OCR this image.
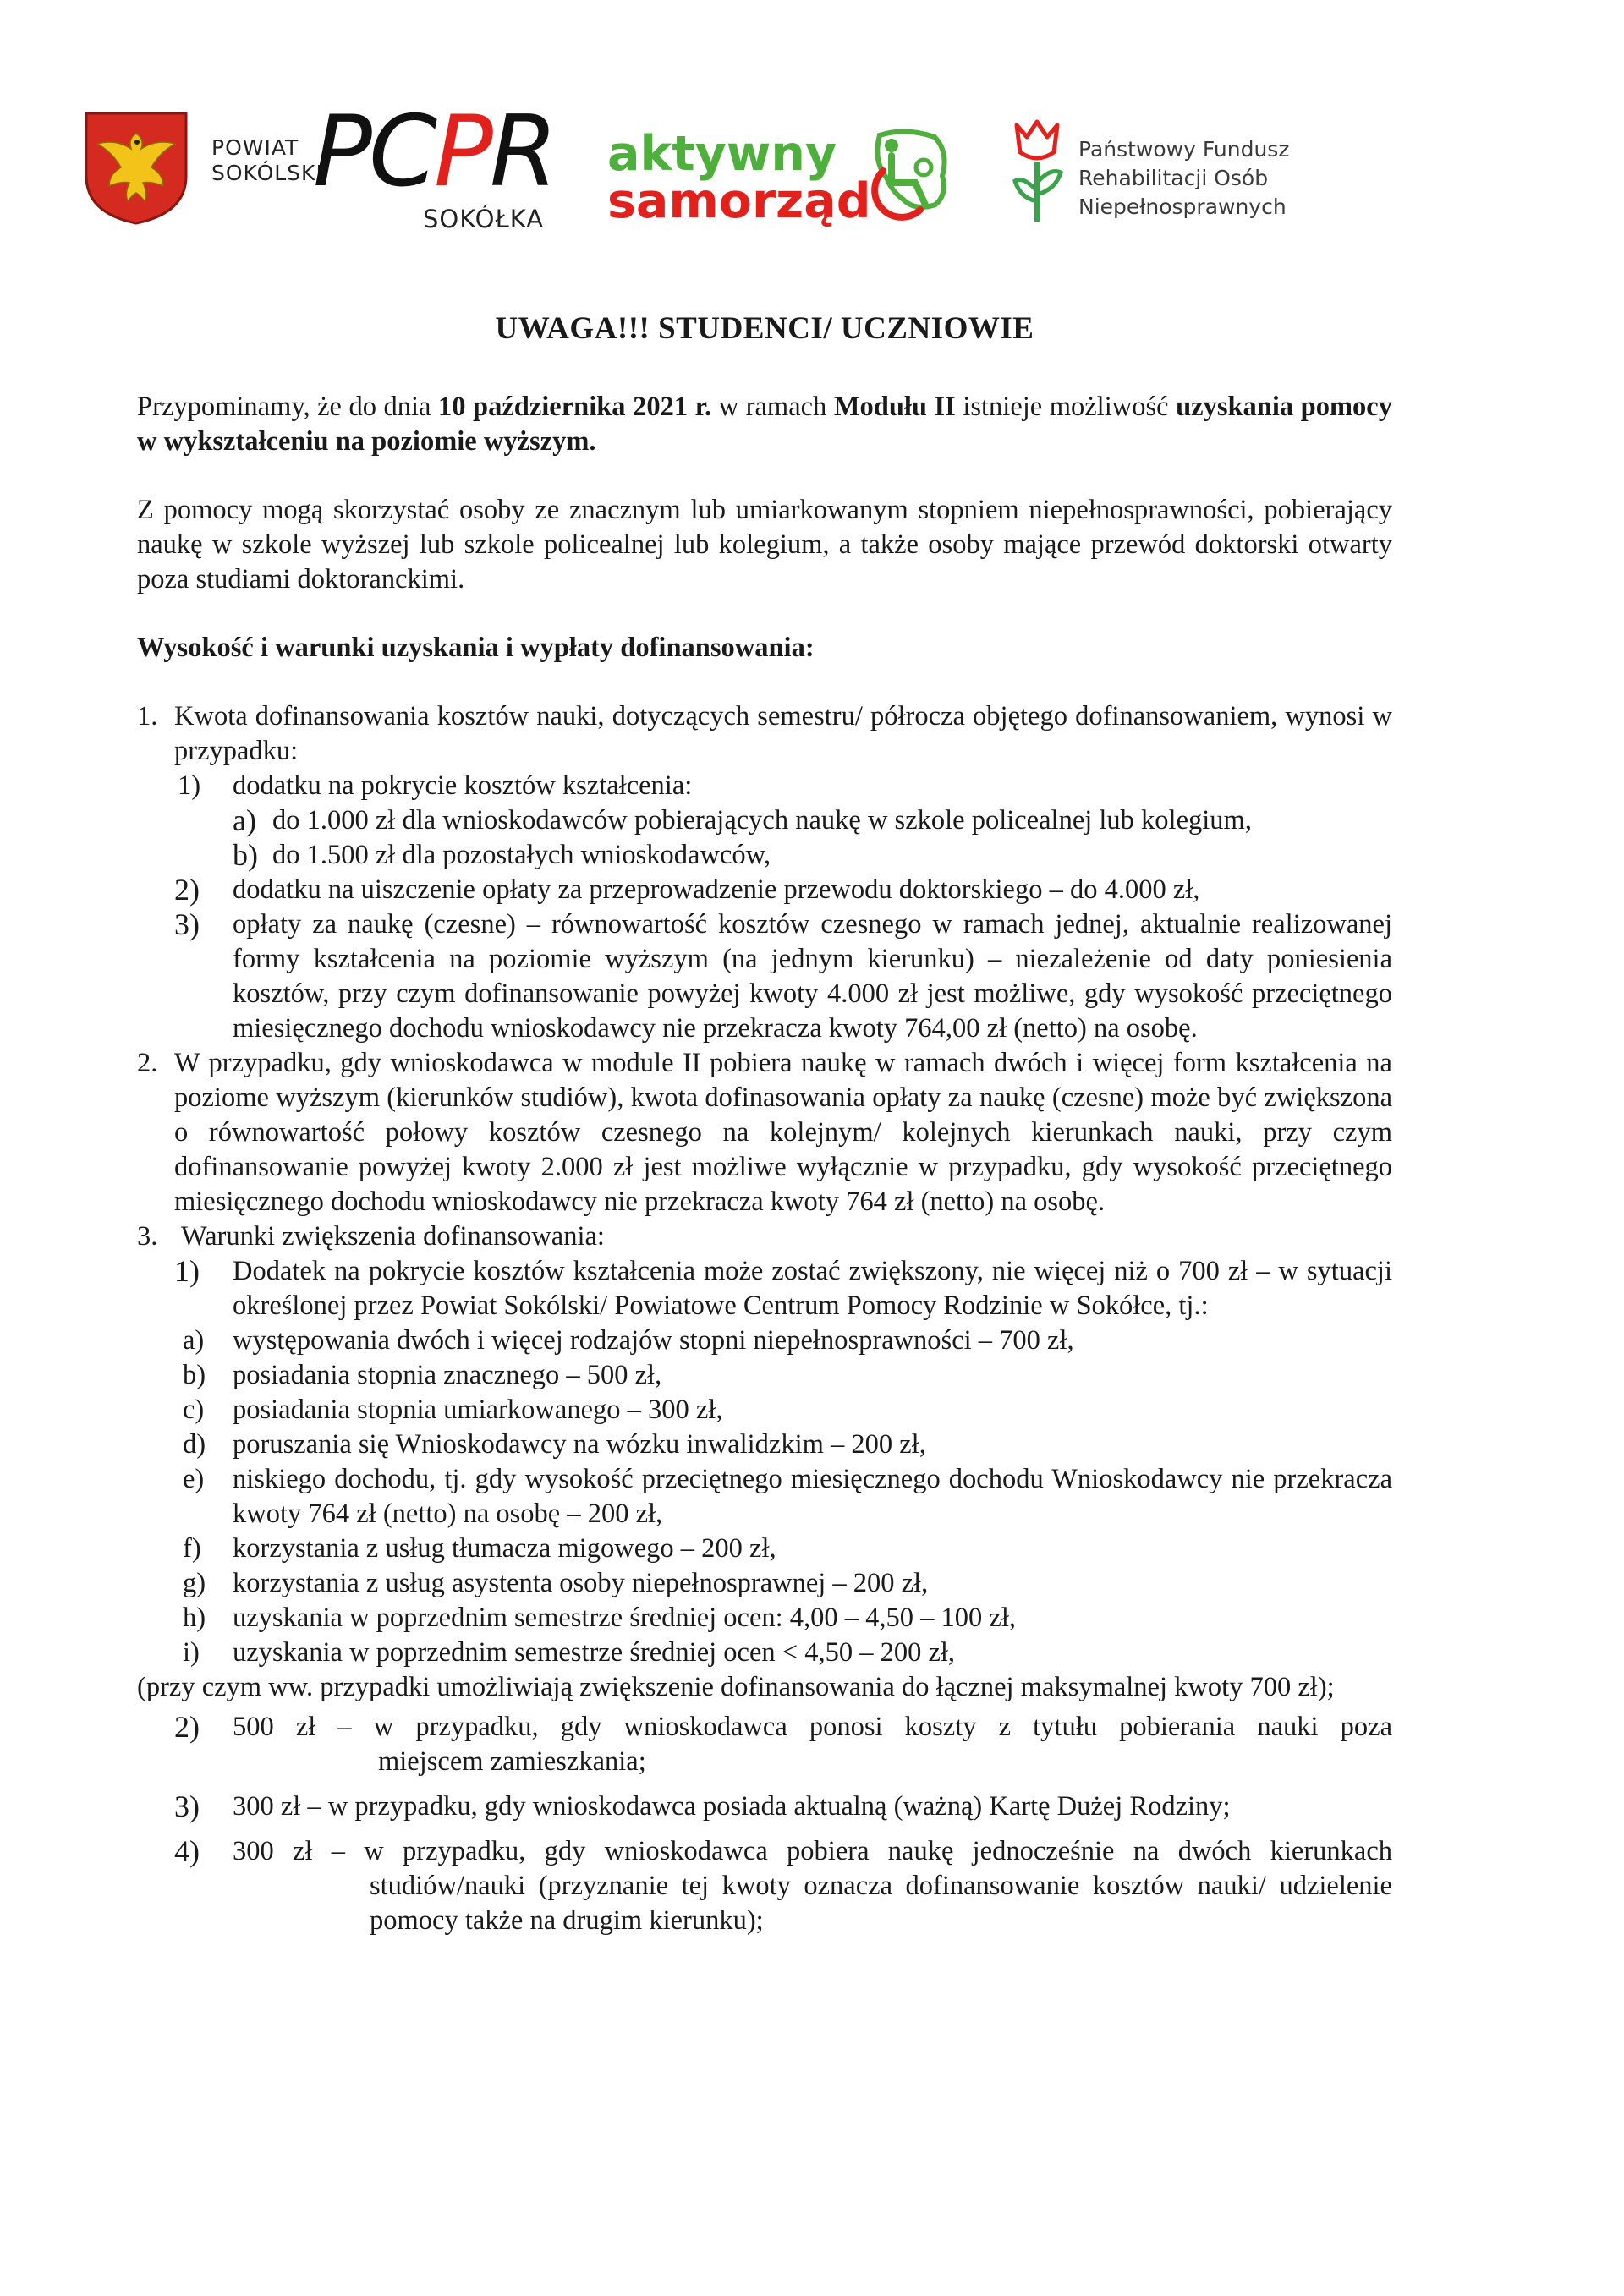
POWIAT
SOKÓLSKI
PCPR
SOKÓŁKA
aktywny
samorząd
Państwowy Fundusz
Rehabilitacji Osób
Niepełnosprawnych
UWAGA!!! STUDENCI/ UCZNIOWIE

Przypominamy, że do dnia 10 października 2021 r. w ramach Modułu II istnieje możliwość uzyskania pomocy w wykształceniu na poziomie wyższym.

Z pomocy mogą skorzystać osoby ze znacznym lub umiarkowanym stopniem niepełnosprawności, pobierający naukę w szkole wyższej lub szkole policealnej lub kolegium, a także osoby mające przewód doktorski otwarty poza studiami doktoranckimi.

Wysokość i warunki uzyskania i wypłaty dofinansowania:

1. Kwota dofinansowania kosztów nauki, dotyczących semestru/ półrocza objętego dofinansowaniem, wynosi w przypadku:
1) dodatku na pokrycie kosztów kształcenia:
a) do 1.000 zł dla wnioskodawców pobierających naukę w szkole policealnej lub kolegium,
b) do 1.500 zł dla pozostałych wnioskodawców,
2) dodatku na uiszczenie opłaty za przeprowadzenie przewodu doktorskiego – do 4.000 zł,
3) opłaty za naukę (czesne) – równowartość kosztów czesnego w ramach jednej, aktualnie realizowanej formy kształcenia na poziomie wyższym (na jednym kierunku) – niezależenie od daty poniesienia kosztów, przy czym dofinansowanie powyżej kwoty 4.000 zł jest możliwe, gdy wysokość przeciętnego miesięcznego dochodu wnioskodawcy nie przekracza kwoty 764,00 zł (netto) na osobę.
2. W przypadku, gdy wnioskodawca w module II pobiera naukę w ramach dwóch i więcej form kształcenia na poziome wyższym (kierunków studiów), kwota dofinasowania opłaty za naukę (czesne) może być zwiększona o równowartość połowy kosztów czesnego na kolejnym/ kolejnych kierunkach nauki, przy czym dofinansowanie powyżej kwoty 2.000 zł jest możliwe wyłącznie w przypadku, gdy wysokość przeciętnego miesięcznego dochodu wnioskodawcy nie przekracza kwoty 764 zł (netto) na osobę.
3. Warunki zwiększenia dofinansowania:
1) Dodatek na pokrycie kosztów kształcenia może zostać zwiększony, nie więcej niż o 700 zł – w sytuacji określonej przez Powiat Sokólski/ Powiatowe Centrum Pomocy Rodzinie w Sokółce, tj.:
a) występowania dwóch i więcej rodzajów stopni niepełnosprawności – 700 zł,
b) posiadania stopnia znacznego – 500 zł,
c) posiadania stopnia umiarkowanego – 300 zł,
d) poruszania się Wnioskodawcy na wózku inwalidzkim – 200 zł,
e) niskiego dochodu, tj. gdy wysokość przeciętnego miesięcznego dochodu Wnioskodawcy nie przekracza kwoty 764 zł (netto) na osobę – 200 zł,
f) korzystania z usług tłumacza migowego – 200 zł,
g) korzystania z usług asystenta osoby niepełnosprawnej – 200 zł,
h) uzyskania w poprzednim semestrze średniej ocen: 4,00 – 4,50 – 100 zł,
i) uzyskania w poprzednim semestrze średniej ocen < 4,50 – 200 zł,

(przy czym ww. przypadki umożliwiają zwiększenie dofinansowania do łącznej maksymalnej kwoty 700 zł);

2) 500 zł – w przypadku, gdy wnioskodawca ponosi koszty z tytułu pobierania nauki poza
miejscem zamieszkania;
3) 300 zł – w przypadku, gdy wnioskodawca posiada aktualną (ważną) Kartę Dużej Rodziny;
4) 300 zł – w przypadku, gdy wnioskodawca pobiera naukę jednocześnie na dwóch kierunkach
studiów/nauki (przyznanie tej kwoty oznacza dofinansowanie kosztów nauki/ udzielenie pomocy także na drugim kierunku);
